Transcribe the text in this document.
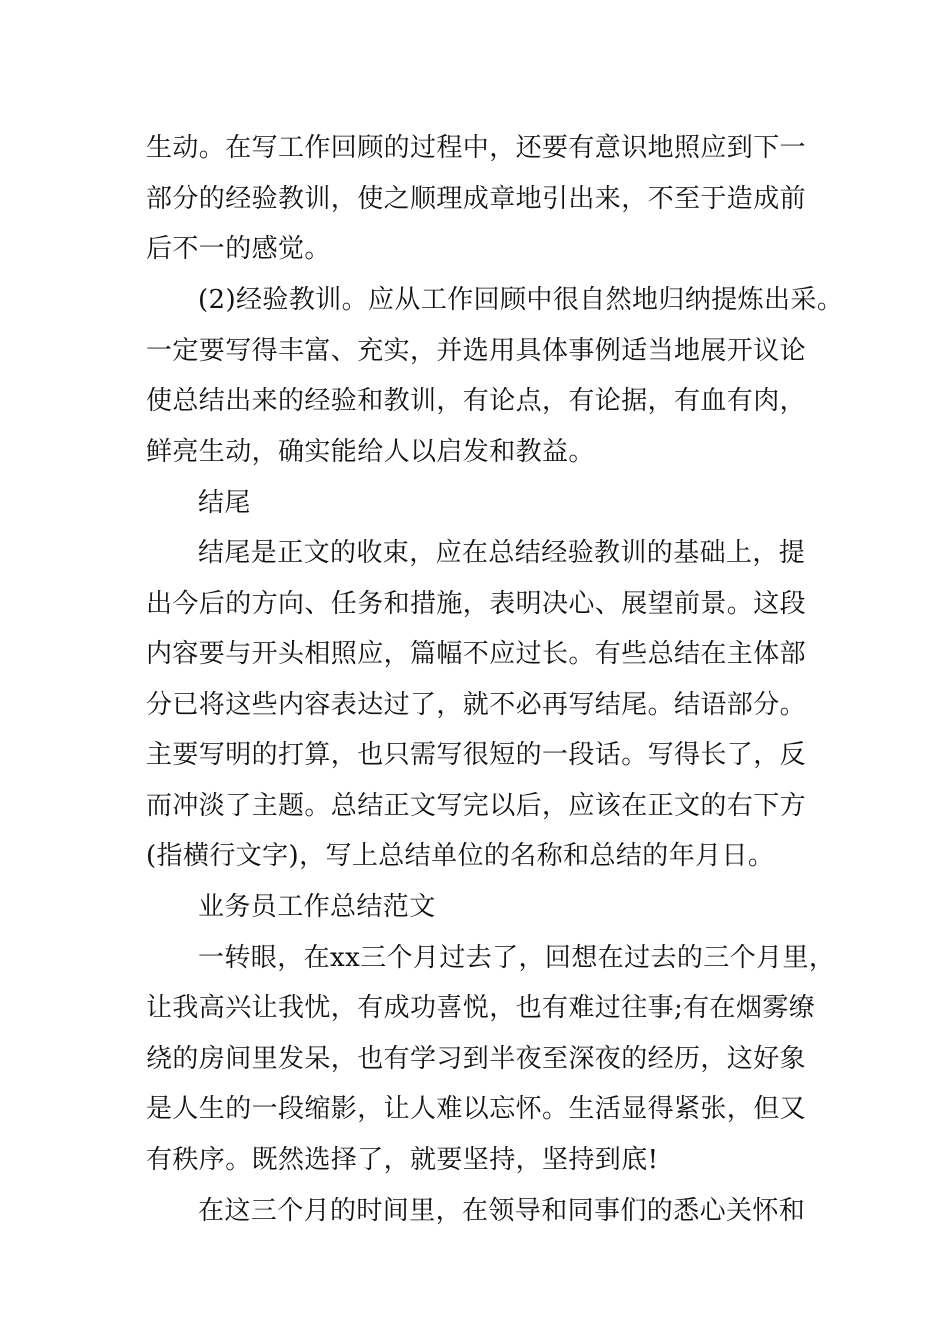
生动。在写工作回顾的过程中，还要有意识地照应到下一
部分的经验教训，使之顺理成章地引出来，不至于造成前
后不一的感觉。
(2)经验教训。应从工作回顾中很自然地归纳提炼出采。
一定要写得丰富、充实，并选用具体事例适当地展开议论
使总结出来的经验和教训，有论点，有论据，有血有肉，
鲜亮生动，确实能给人以启发和教益。
结尾
结尾是正文的收束，应在总结经验教训的基础上，提
出今后的方向、任务和措施，表明决心、展望前景。这段
内容要与开头相照应，篇幅不应过长。有些总结在主体部
分已将这些内容表达过了，就不必再写结尾。结语部分。
主要写明的打算，也只需写很短的一段话。写得长了，反
而冲淡了主题。总结正文写完以后，应该在正文的右下方
(指横行文字)，写上总结单位的名称和总结的年月日。
业务员工作总结范文
一转眼，在xx三个月过去了，回想在过去的三个月里，
让我高兴让我忧，有成功喜悦，也有难过往事;有在烟雾缭
绕的房间里发呆，也有学习到半夜至深夜的经历，这好象
是人生的一段缩影，让人难以忘怀。生活显得紧张，但又
有秩序。既然选择了，就要坚持，坚持到底!
在这三个月的时间里，在领导和同事们的悉心关怀和
